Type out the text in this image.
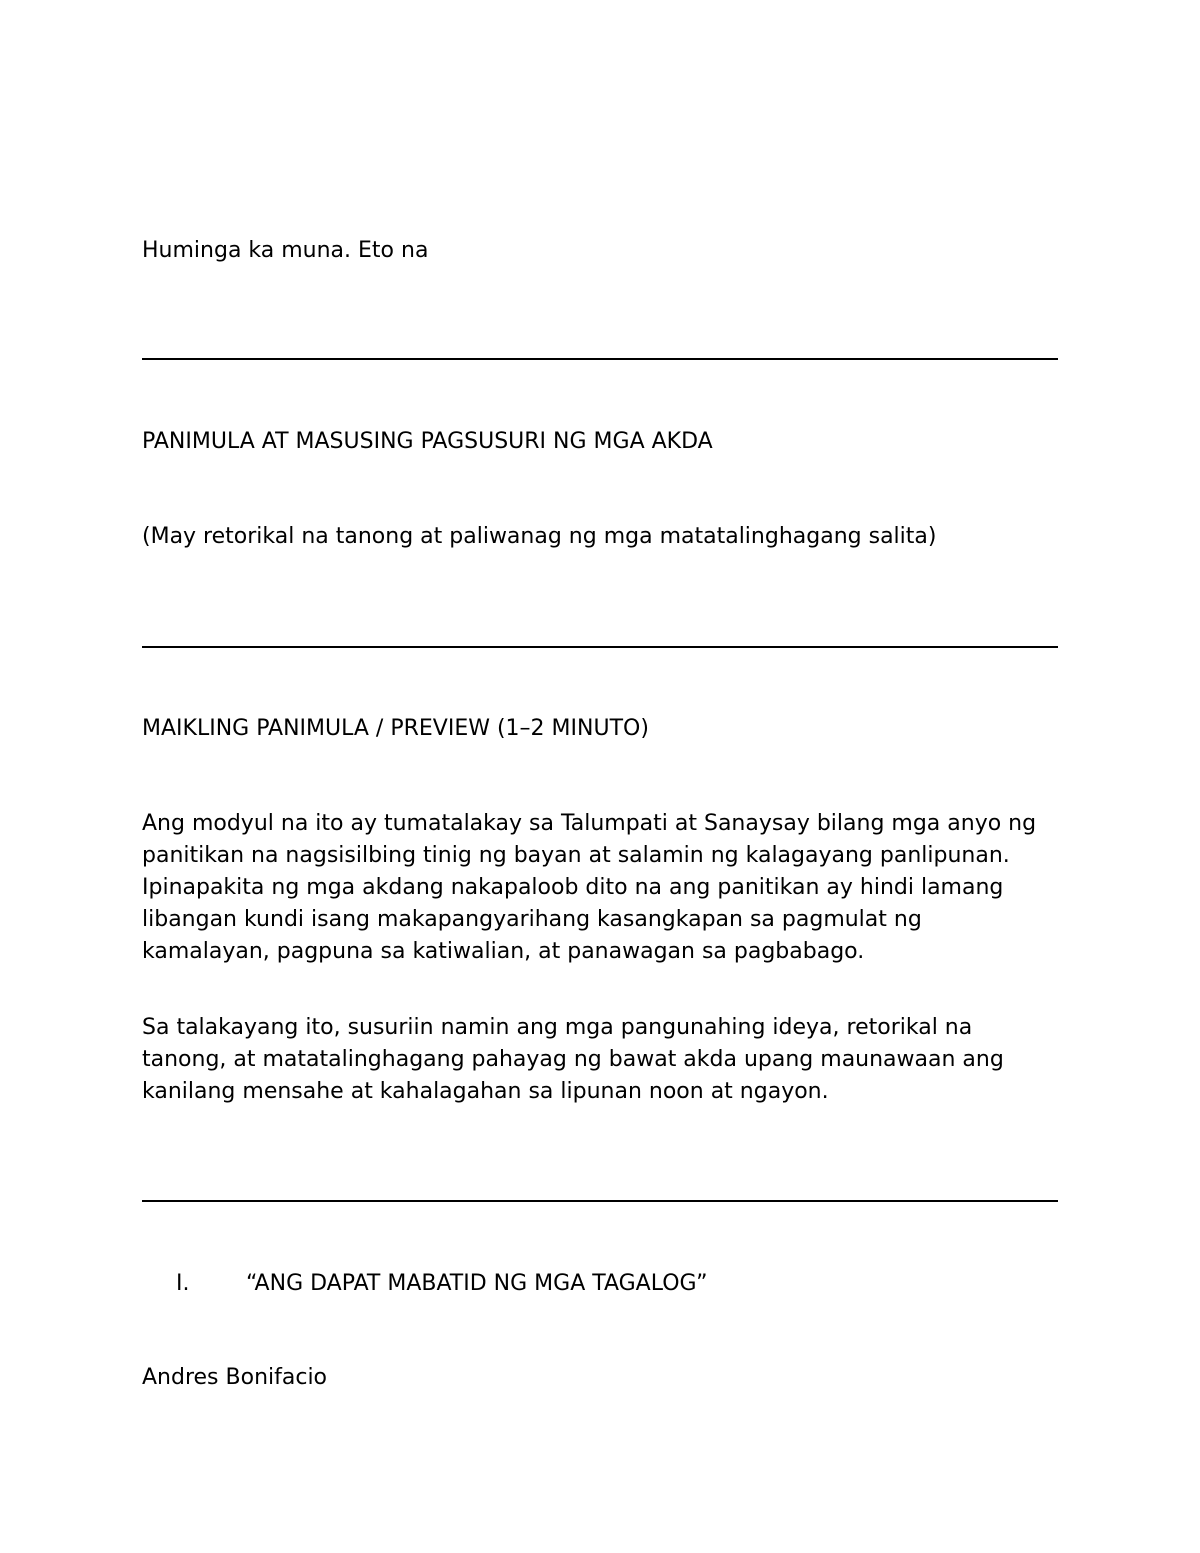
Huminga ka muna. Eto na

PANIMULA AT MASUSING PAGSUSURI NG MGA AKDA

(May retorikal na tanong at paliwanag ng mga matatalinghagang salita)

MAIKLING PANIMULA / PREVIEW (1–2 MINUTO)

Ang modyul na ito ay tumatalakay sa Talumpati at Sanaysay bilang mga anyo ng panitikan na nagsisilbing tinig ng bayan at salamin ng kalagayang panlipunan. Ipinapakita ng mga akdang nakapaloob dito na ang panitikan ay hindi lamang libangan kundi isang makapangyarihang kasangkapan sa pagmulat ng kamalayan, pagpuna sa katiwalian, at panawagan sa pagbabago.

Sa talakayang ito, susuriin namin ang mga pangunahing ideya, retorikal na tanong, at matatalinghagang pahayag ng bawat akda upang maunawaan ang kanilang mensahe at kahalagahan sa lipunan noon at ngayon.

I.	“ANG DAPAT MABATID NG MGA TAGALOG”

Andres Bonifacio
